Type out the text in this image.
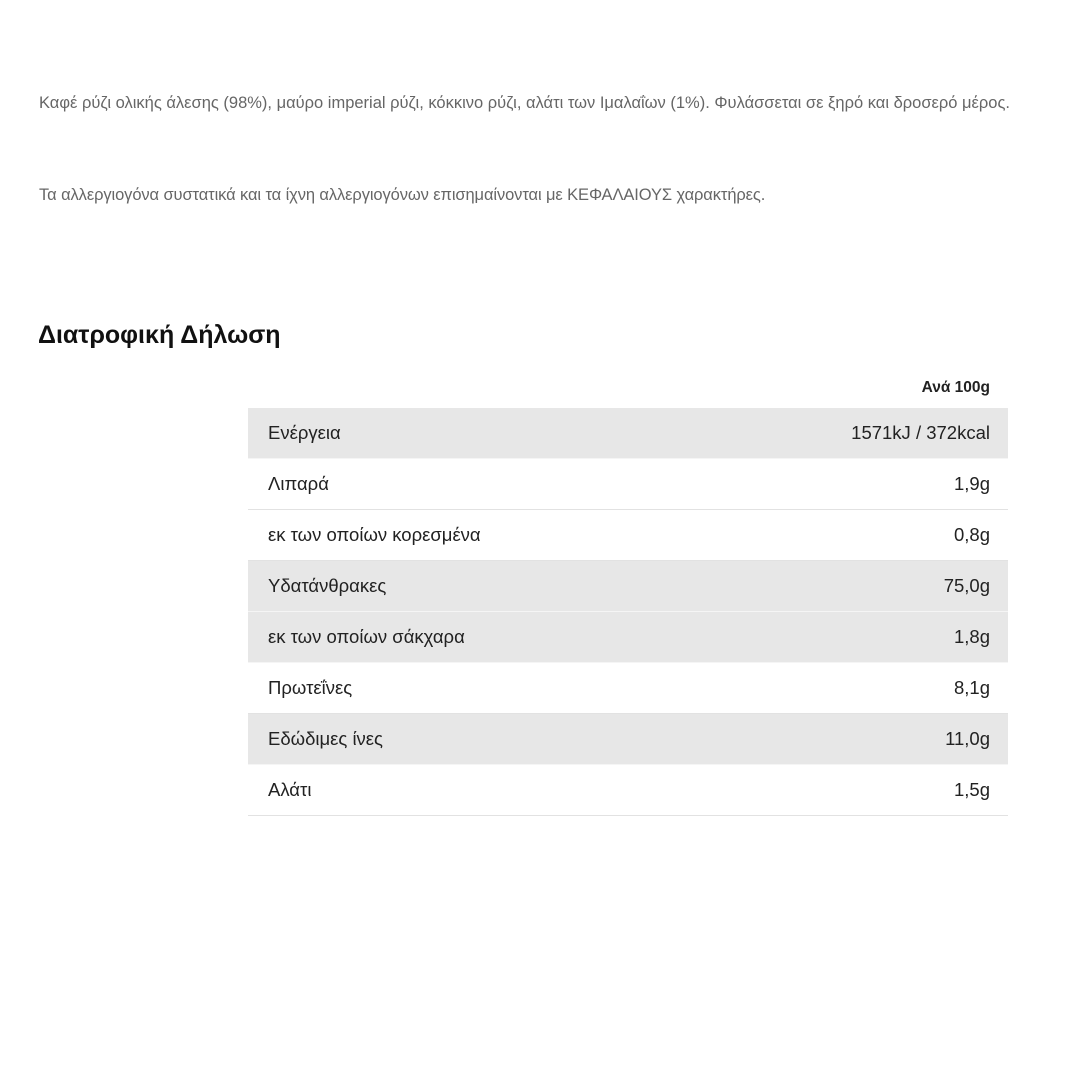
Καφέ ρύζι ολικής άλεσης (98%), μαύρο imperial ρύζι, κόκκινο ρύζι, αλάτι των Ιμαλαΐων (1%). Φυλάσσεται σε ξηρό και δροσερό μέρος.

Τα αλλεργιογόνα συστατικά και τα ίχνη αλλεργιογόνων επισημαίνονται με ΚΕΦΑΛΑΙΟΥΣ χαρακτήρες.

Διατροφική Δήλωση
	Ανά 100g
Ενέργεια	1571kJ / 372kcal
Λιπαρά	1,9g
εκ των οποίων κορεσμένα	0,8g
Υδατάνθρακες	75,0g
εκ των οποίων σάκχαρα	1,8g
Πρωτεΐνες	8,1g
Εδώδιμες ίνες	11,0g
Αλάτι	1,5g
